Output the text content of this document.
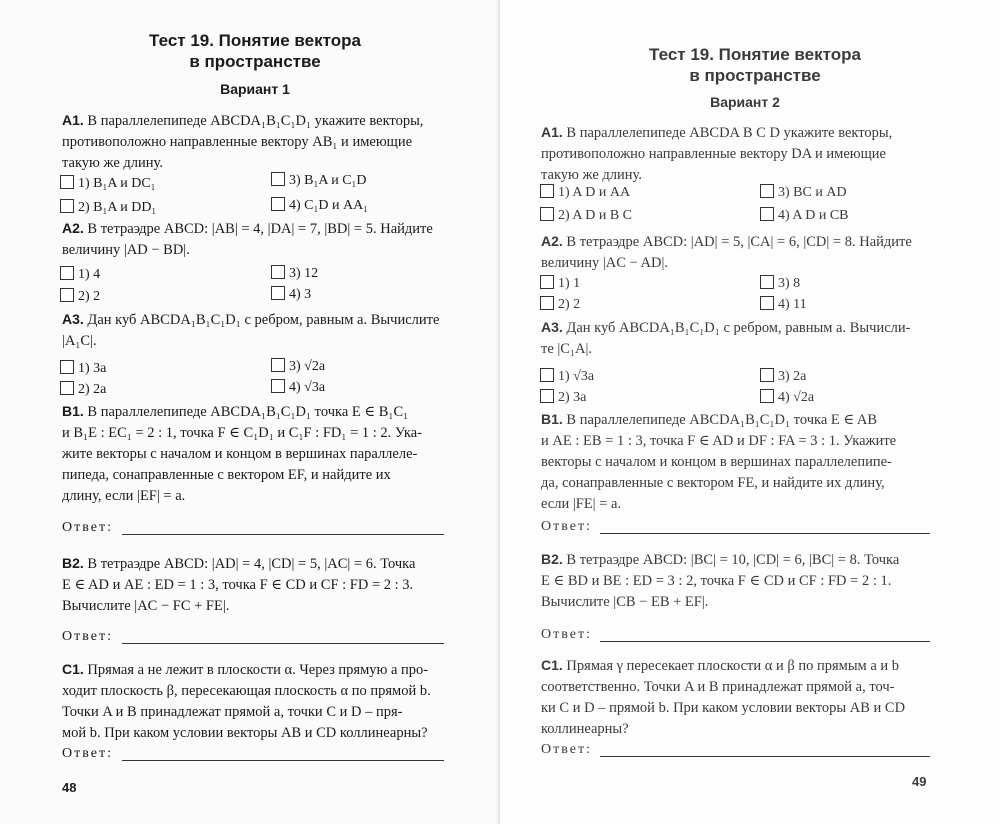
Тест 19. Понятие вектора
в пространстве
Вариант 1
А1. В параллелепипеде ABCDA₁B₁C₁D₁ укажите векторы,
противоположно направленные вектору AB₁ и имеющие
такую же длину.
1) B₁A и DC₁
2) B₁A и DD₁
3) B₁A и C₁D
4) C₁D и AA₁
А2. В тетраэдре ABCD: |AB| = 4, |DA| = 7, |BD| = 5. Найдите
величину |AD − BD|.
1) 4
2) 2
3) 12
4) 3
А3. Дан куб ABCDA₁B₁C₁D₁ с ребром, равным a. Вычислите
|A₁C|.
1) 3a
2) 2a
3) √2a
4) √3a
В1. В параллелепипеде ABCDA₁B₁C₁D₁ точка E ∈ B₁C₁
и B₁E : EC₁ = 2 : 1, точка F ∈ C₁D₁ и C₁F : FD₁ = 1 : 2. Ука-
жите векторы с началом и концом в вершинах параллеле-
пипеда, сонаправленные с вектором EF, и найдите их
длину, если |EF| = a.
Ответ:
В2. В тетраэдре ABCD: |AD| = 4, |CD| = 5, |AC| = 6. Точка
E ∈ AD и AE : ED = 1 : 3, точка F ∈ CD и CF : FD = 2 : 3.
Вычислите |AC − FC + FE|.
Ответ:
С1. Прямая a не лежит в плоскости α. Через прямую a про-
ходит плоскость β, пересекающая плоскость α по прямой b.
Точки A и B принадлежат прямой a, точки C и D – пря-
мой b. При каком условии векторы AB и CD коллинеарны?
Ответ:
48
Тест 19. Понятие вектора
в пространстве
Вариант 2
А1. В параллелепипеде ABCDA B C D укажите векторы,
противоположно направленные вектору DA и имеющие
такую же длину.
1) A D и AA
2) A D и B C
3) BC и AD
4) A D и CB
А2. В тетраэдре ABCD: |AD| = 5, |CA| = 6, |CD| = 8. Найдите
величину |AC − AD|.
1) 1
2) 2
3) 8
4) 11
А3. Дан куб ABCDA₁B₁C₁D₁ с ребром, равным a. Вычисли-
те |C₁A|.
1) √3a
2) 3a
3) 2a
4) √2a
В1. В параллелепипеде ABCDA₁B₁C₁D₁ точка E ∈ AB
и AE : EB = 1 : 3, точка F ∈ AD и DF : FA = 3 : 1. Укажите
векторы с началом и концом в вершинах параллелепипе-
да, сонаправленные с вектором FE, и найдите их длину,
если |FE| = a.
Ответ:
В2. В тетраэдре ABCD: |BC| = 10, |CD| = 6, |BC| = 8. Точка
E ∈ BD и BE : ED = 3 : 2, точка F ∈ CD и CF : FD = 2 : 1.
Вычислите |CB − EB + EF|.
Ответ:
С1. Прямая γ пересекает плоскости α и β по прямым a и b
соответственно. Точки A и B принадлежат прямой a, точ-
ки C и D – прямой b. При каком условии векторы AB и CD
коллинеарны?
Ответ:
49
